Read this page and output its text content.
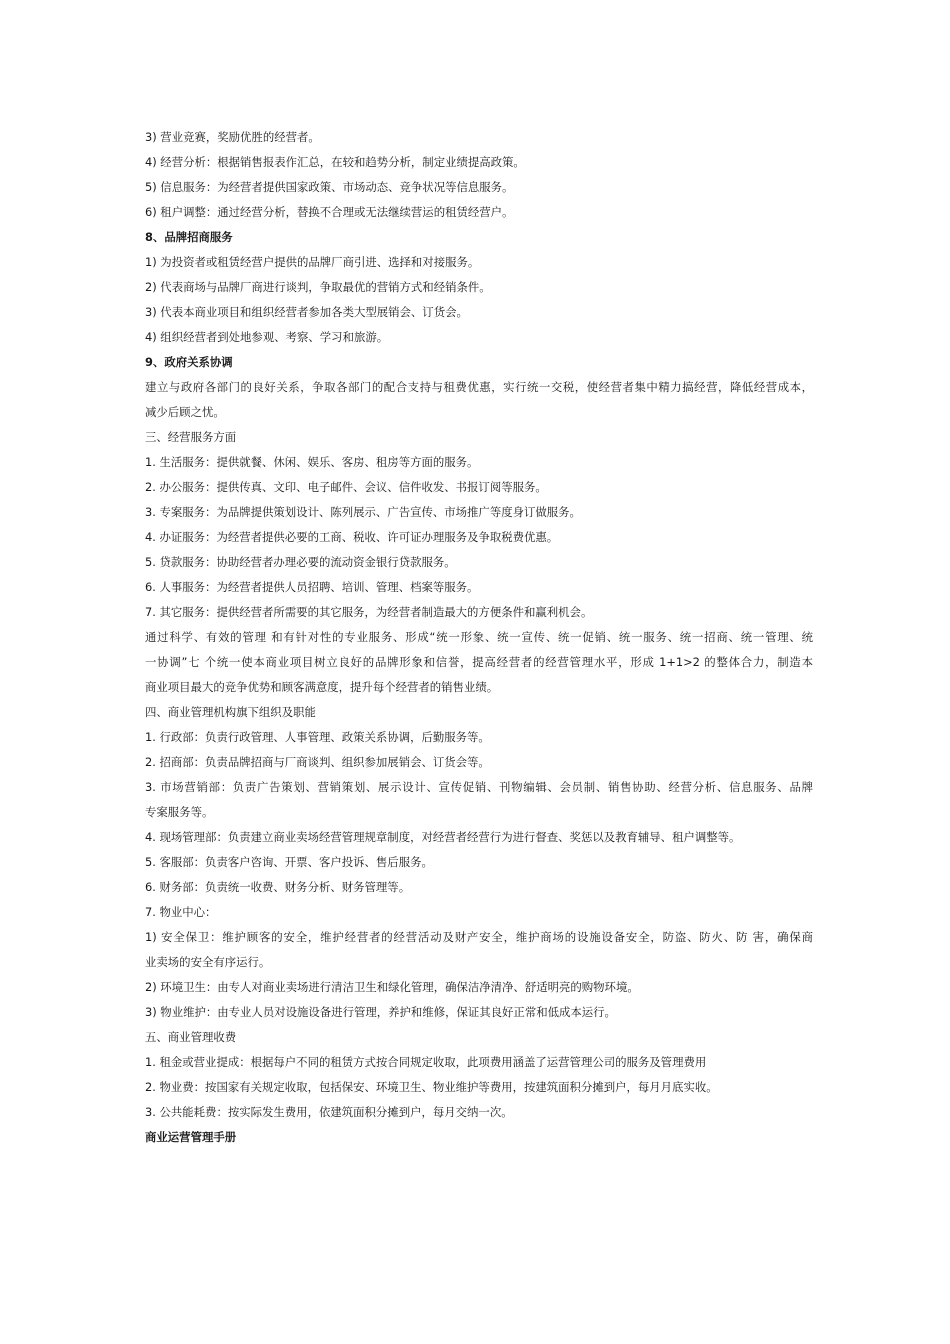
3) 营业竞赛，奖励优胜的经营者。
4) 经营分析：根据销售报表作汇总，在较和趋势分析，制定业绩提高政策。
5) 信息服务：为经营者提供国家政策、市场动态、竞争状况等信息服务。
6) 租户调整：通过经营分析，替换不合理或无法继续营运的租赁经营户。
8、品牌招商服务
1) 为投资者或租赁经营户提供的品牌厂商引进、选择和对接服务。
2) 代表商场与品牌厂商进行谈判，争取最优的营销方式和经销条件。
3) 代表本商业项目和组织经营者参加各类大型展销会、订货会。
4) 组织经营者到处地参观、考察、学习和旅游。
9、政府关系协调
建立与政府各部门的良好关系，争取各部门的配合支持与租费优惠，实行统一交税，使经营者集中精力搞经营，降低经营成本，
减少后顾之忧。
三、经营服务方面
1. 生活服务：提供就餐、休闲、娱乐、客房、租房等方面的服务。
2. 办公服务：提供传真、文印、电子邮件、会议、信件收发、书报订阅等服务。
3. 专案服务：为品牌提供策划设计、陈列展示、广告宣传、市场推广等度身订做服务。
4. 办证服务：为经营者提供必要的工商、税收、许可证办理服务及争取税费优惠。
5. 贷款服务：协助经营者办理必要的流动资金银行贷款服务。
6. 人事服务：为经营者提供人员招聘、培训、管理、档案等服务。
7. 其它服务：提供经营者所需要的其它服务，为经营者制造最大的方便条件和赢利机会。
通过科学、有效的管理 和有针对性的专业服务、形成“统一形象、统一宣传、统一促销、统一服务、统一招商、统一管理、统
一协调”七 个统一使本商业项目树立良好的品牌形象和信誉，提高经营者的经营管理水平，形成 1+1>2 的整体合力，制造本
商业项目最大的竞争优势和顾客满意度，提升每个经营者的销售业绩。
四、商业管理机构旗下组织及职能
1. 行政部：负责行政管理、人事管理、政策关系协调，后勤服务等。
2. 招商部：负责品牌招商与厂商谈判、组织参加展销会、订货会等。
3. 市场营销部：负责广告策划、营销策划、展示设计、宣传促销、刊物编辑、会员制、销售协助、经营分析、信息服务、品牌
专案服务等。
4. 现场管理部：负责建立商业卖场经营管理规章制度，对经营者经营行为进行督查、奖惩以及教育辅导、租户调整等。
5. 客服部：负责客户咨询、开票、客户投诉、售后服务。
6. 财务部：负责统一收费、财务分析、财务管理等。
7. 物业中心：
1) 安全保卫：维护顾客的安全，维护经营者的经营活动及财产安全，维护商场的设施设备安全，防盗、防火、防 害，确保商
业卖场的安全有序运行。
2) 环境卫生：由专人对商业卖场进行清洁卫生和绿化管理，确保洁净清净、舒适明亮的购物环境。
3) 物业维护：由专业人员对设施设备进行管理，养护和维修，保证其良好正常和低成本运行。
五、商业管理收费
1. 租金或营业提成：根据每户不同的租赁方式按合同规定收取，此项费用涵盖了运营管理公司的服务及管理费用
2. 物业费：按国家有关规定收取，包括保安、环境卫生、物业维护等费用，按建筑面积分摊到户，每月月底实收。
3. 公共能耗费：按实际发生费用，依建筑面积分摊到户，每月交纳一次。
商业运营管理手册
